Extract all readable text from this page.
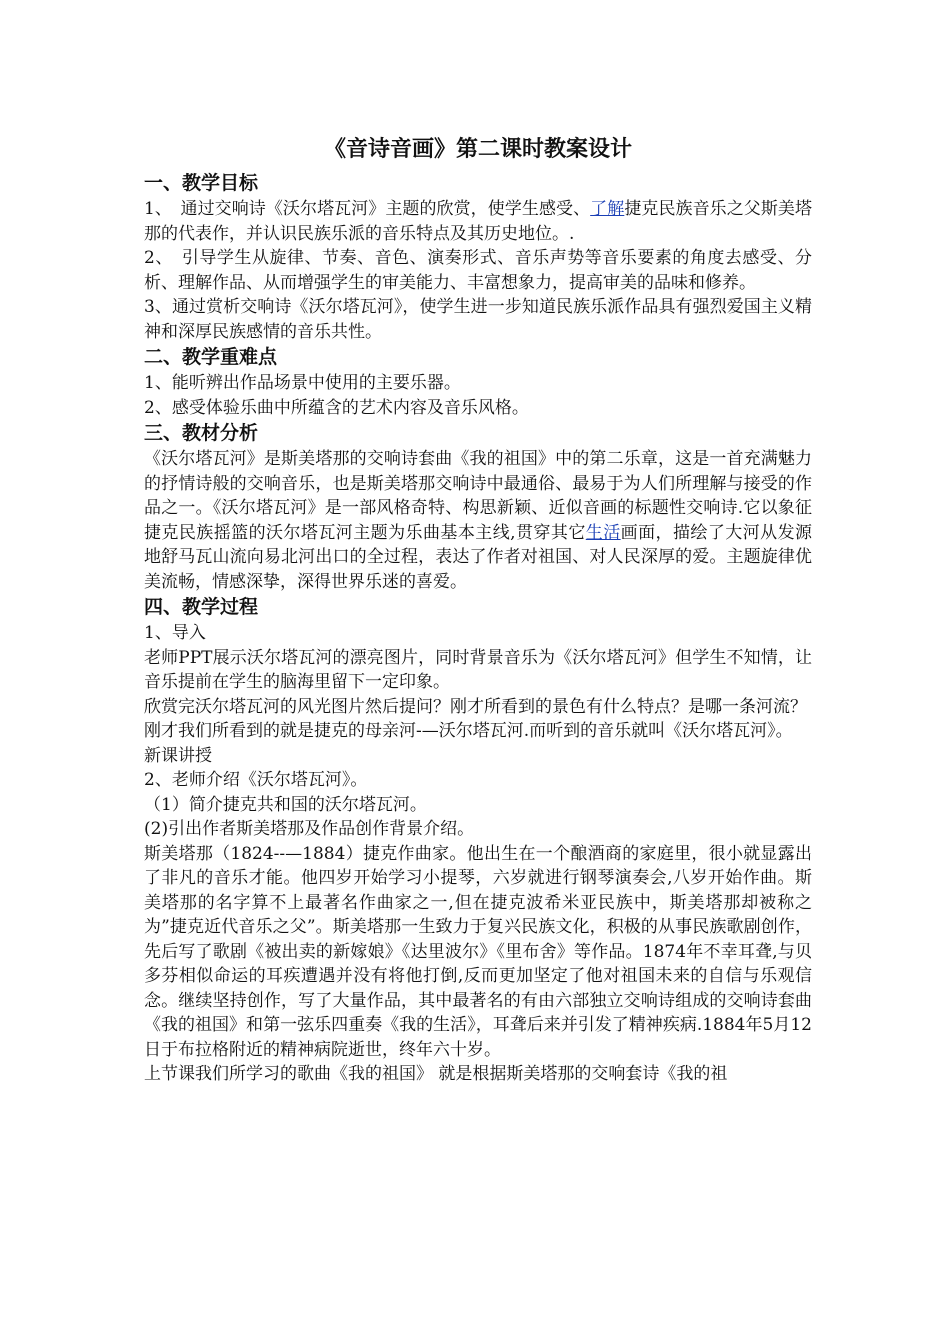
《音诗音画》第二课时教案设计
一、教学目标

1、　通过交响诗《沃尔塔瓦河》主题的欣赏，使学生感受、了解捷克民族音乐之父斯美塔那的代表作，并认识民族乐派的音乐特点及其历史地位。.

2、　引导学生从旋律、节奏、音色、演奏形式、音乐声势等音乐要素的角度去感受、分析、理解作品、从而增强学生的审美能力、丰富想象力，提高审美的品味和修养。

3、通过赏析交响诗《沃尔塔瓦河》，使学生进一步知道民族乐派作品具有强烈爱国主义精神和深厚民族感情的音乐共性。

二、教学重难点

1、能听辨出作品场景中使用的主要乐器。

2、感受体验乐曲中所蕴含的艺术内容及音乐风格。

三、教材分析

《沃尔塔瓦河》是斯美塔那的交响诗套曲《我的祖国》中的第二乐章，这是一首充满魅力的抒情诗般的交响音乐，也是斯美塔那交响诗中最通俗、最易于为人们所理解与接受的作品之一。《沃尔塔瓦河》是一部风格奇特、构思新颖、近似音画的标题性交响诗.它以象征捷克民族摇篮的沃尔塔瓦河主题为乐曲基本主线,贯穿其它生活画面，描绘了大河从发源地舒马瓦山流向易北河出口的全过程，表达了作者对祖国、对人民深厚的爱。主题旋律优美流畅，情感深挚，深得世界乐迷的喜爱。

四、教学过程

1、导入

老师PPT展示沃尔塔瓦河的漂亮图片，同时背景音乐为《沃尔塔瓦河》但学生不知情，让音乐提前在学生的脑海里留下一定印象。

欣赏完沃尔塔瓦河的风光图片然后提问？刚才所看到的景色有什么特点？是哪一条河流？

刚才我们所看到的就是捷克的母亲河-—沃尔塔瓦河.而听到的音乐就叫《沃尔塔瓦河》。

新课讲授

2、老师介绍《沃尔塔瓦河》。

（1）简介捷克共和国的沃尔塔瓦河。

(2)引出作者斯美塔那及作品创作背景介绍。

斯美塔那（1824--—1884）捷克作曲家。他出生在一个酿酒商的家庭里，很小就显露出了非凡的音乐才能。他四岁开始学习小提琴，六岁就进行钢琴演奏会,八岁开始作曲。斯美塔那的名字算不上最著名作曲家之一,但在捷克波希米亚民族中，斯美塔那却被称之为”捷克近代音乐之父”。斯美塔那一生致力于复兴民族文化，积极的从事民族歌剧创作，先后写了歌剧《被出卖的新嫁娘》《达里波尔》《里布舍》等作品。1874年不幸耳聋,与贝多芬相似命运的耳疾遭遇并没有将他打倒,反而更加坚定了他对祖国未来的自信与乐观信念。继续坚持创作，写了大量作品，其中最著名的有由六部独立交响诗组成的交响诗套曲《我的祖国》和第一弦乐四重奏《我的生活》，耳聋后来并引发了精神疾病.1884年5月12日于布拉格附近的精神病院逝世，终年六十岁。

上节课我们所学习的歌曲《我的祖国》 就是根据斯美塔那的交响套诗《我的祖
